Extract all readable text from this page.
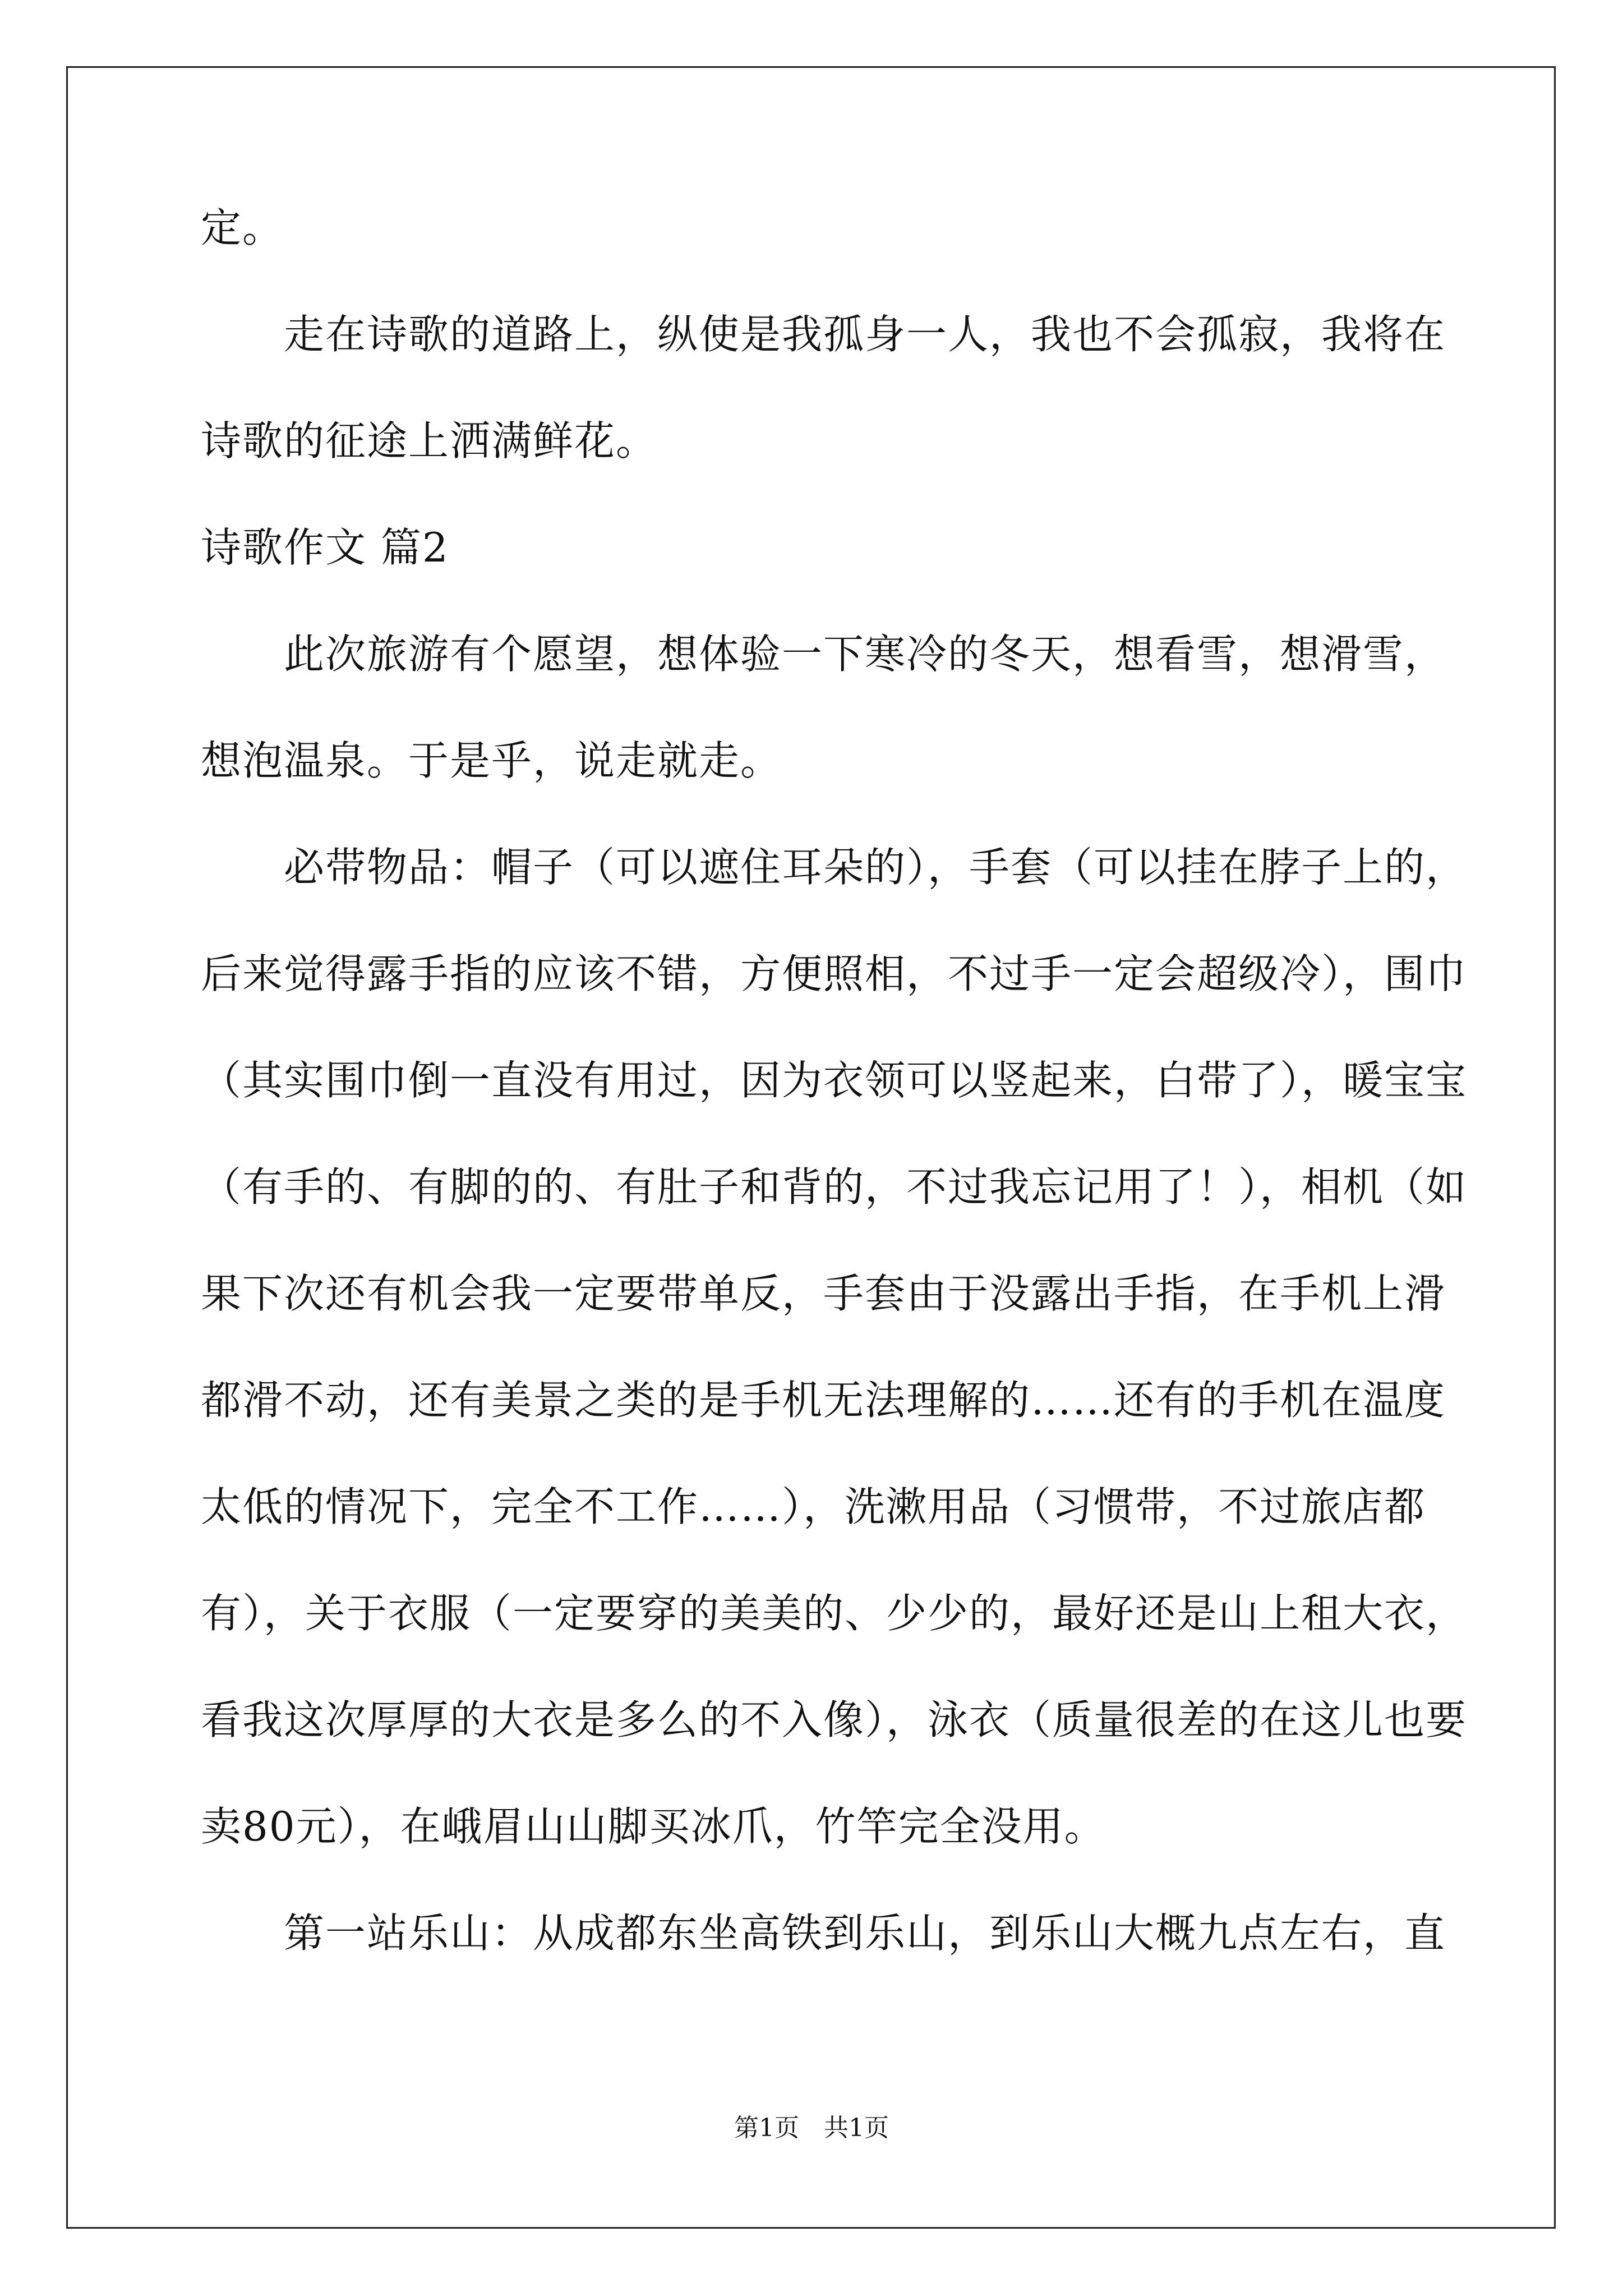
定。
　　走在诗歌的道路上，纵使是我孤身一人，我也不会孤寂，我将在
诗歌的征途上洒满鲜花。
诗歌作文 篇2
　　此次旅游有个愿望，想体验一下寒冷的冬天，想看雪，想滑雪，
想泡温泉。于是乎，说走就走。
　　必带物品：帽子（可以遮住耳朵的），手套（可以挂在脖子上的，
后来觉得露手指的应该不错，方便照相，不过手一定会超级冷），围巾
（其实围巾倒一直没有用过，因为衣领可以竖起来，白带了），暖宝宝
（有手的、有脚的的、有肚子和背的，不过我忘记用了！），相机（如
果下次还有机会我一定要带单反，手套由于没露出手指，在手机上滑
都滑不动，还有美景之类的是手机无法理解的……还有的手机在温度
太低的情况下，完全不工作……），洗漱用品（习惯带，不过旅店都
有），关于衣服（一定要穿的美美的、少少的，最好还是山上租大衣，
看我这次厚厚的大衣是多么的不入像），泳衣（质量很差的在这儿也要
卖80元），在峨眉山山脚买冰爪，竹竿完全没用。
　　第一站乐山：从成都东坐高铁到乐山，到乐山大概九点左右，直
第1页　共1页
